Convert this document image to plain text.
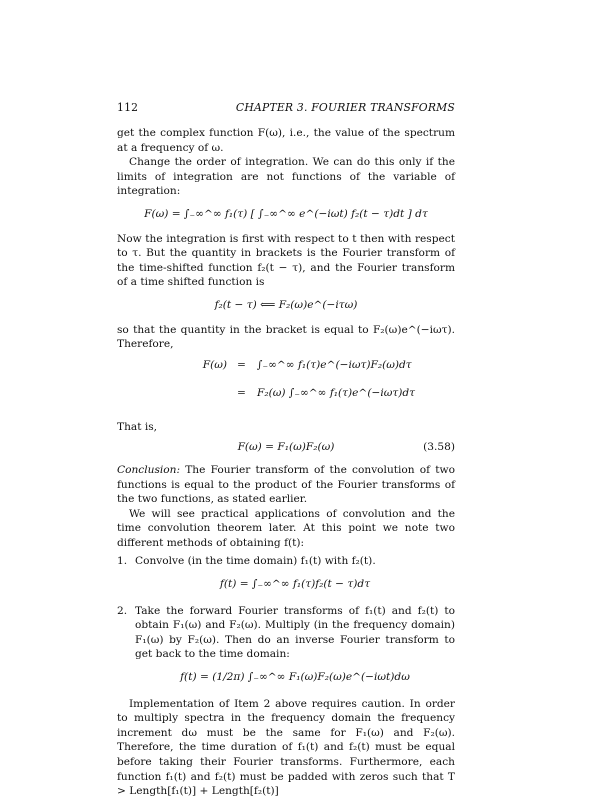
112	CHAPTER 3. FOURIER TRANSFORMS

get the complex function F(ω), i.e., the value of the spectrum at a frequency of ω.

Change the order of integration. We can do this only if the limits of integration are not functions of the variable of integration:

F(ω) = ∫₋∞^∞ f₁(τ) [ ∫₋∞^∞ e^(−iωt) f₂(t − τ)dt ] dτ

Now the integration is first with respect to t then with respect to τ. But the quantity in brackets is the Fourier transform of the time-shifted function f₂(t − τ), and the Fourier transform of a time shifted function is

f₂(t − τ) ⟸ F₂(ω)e^(−iτω)

so that the quantity in the bracket is equal to F₂(ω)e^(−iωτ). Therefore,

F(ω) = ∫₋∞^∞ f₁(τ)e^(−iωτ)F₂(ω)dτ
= F₂(ω) ∫₋∞^∞ f₁(τ)e^(−iωτ)dτ

That is,

F(ω) = F₁(ω)F₂(ω)	(3.58)

Conclusion: The Fourier transform of the convolution of two functions is equal to the product of the Fourier transforms of the two functions, as stated earlier.

We will see practical applications of convolution and the time convolution theorem later. At this point we note two different methods of obtaining f(t):

1. Convolve (in the time domain) f₁(t) with f₂(t).
f(t) = ∫₋∞^∞ f₁(τ)f₂(t − τ)dτ
2. Take the forward Fourier transforms of f₁(t) and f₂(t) to obtain F₁(ω) and F₂(ω). Multiply (in the frequency domain) F₁(ω) by F₂(ω). Then do an inverse Fourier transform to get back to the time domain:
f(t) = (1/2π) ∫₋∞^∞ F₁(ω)F₂(ω)e^(−iωt)dω

Implementation of Item 2 above requires caution. In order to multiply spectra in the frequency domain the frequency increment dω must be the same for F₁(ω) and F₂(ω). Therefore, the time duration of f₁(t) and f₂(t) must be equal before taking their Fourier transforms. Furthermore, each function f₁(t) and f₂(t) must be padded with zeros such that T > Length[f₁(t)] + Length[f₂(t)]
